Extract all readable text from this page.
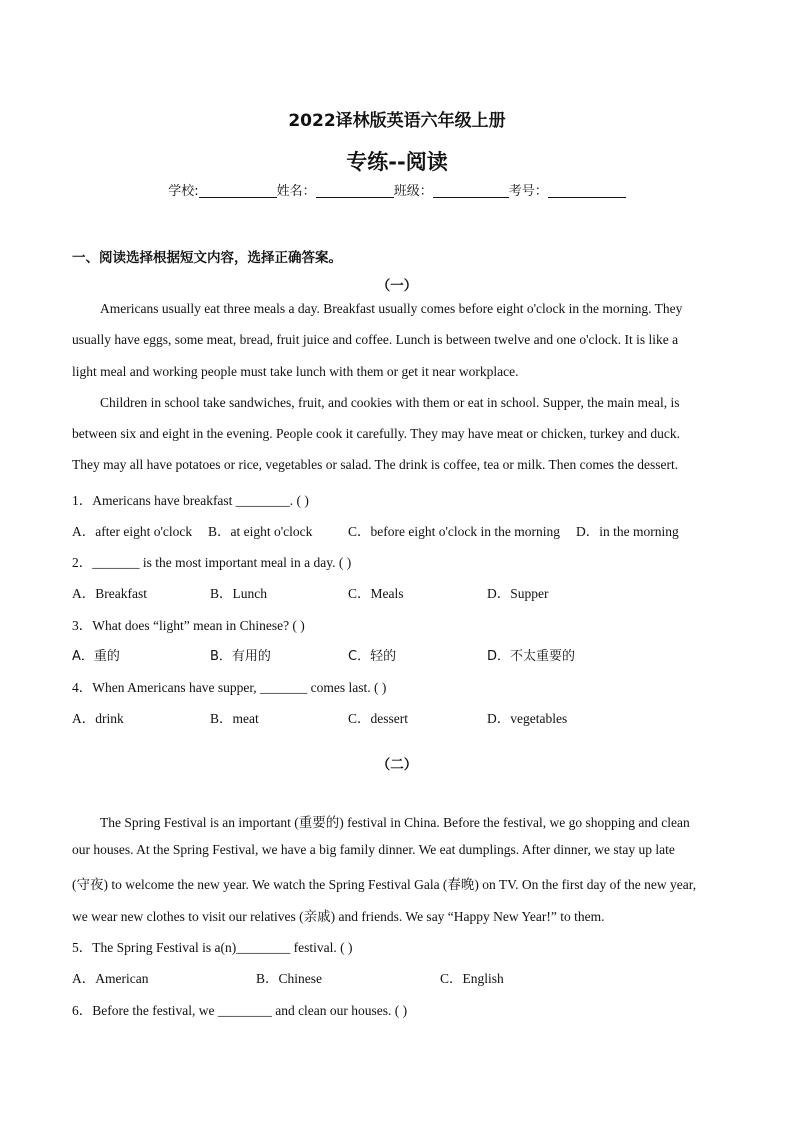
2022译林版英语六年级上册
专练--阅读
学校:	姓名：	班级：	考号：
一、阅读选择根据短文内容，选择正确答案。
（一）
Americans usually eat three meals a day. Breakfast usually comes before eight o'clock in the morning. They
usually have eggs, some meat, bread, fruit juice and coffee. Lunch is between twelve and one o'clock. It is like a
light meal and working people must take lunch with them or get it near workplace.
Children in school take sandwiches, fruit, and cookies with them or eat in school. Supper, the main meal, is
between six and eight in the evening. People cook it carefully. They may have meat or chicken, turkey and duck.
They may all have potatoes or rice, vegetables or salad. The drink is coffee, tea or milk. Then comes the dessert.
1．Americans have breakfast ________. ( )
A．after eight o'clock B．at eight o'clock	C．before eight o'clock in the morning D．in the morning
2．_______ is the most important meal in a day. ( )
A．Breakfast	B．Lunch	C．Meals	D．Supper
3．What does “light” mean in Chinese? ( )
A．重的	B．有用的	C．轻的	D．不太重要的
4．When Americans have supper, _______ comes last. ( )
A．drink	B．meat	C．dessert	D．vegetables
（二）
The Spring Festival is an important (重要的) festival in China. Before the festival, we go shopping and clean
our houses. At the Spring Festival, we have a big family dinner. We eat dumplings. After dinner, we stay up late
(守夜) to welcome the new year. We watch the Spring Festival Gala (春晚) on TV. On the first day of the new year,
we wear new clothes to visit our relatives (亲戚) and friends. We say “Happy New Year!” to them.
5．The Spring Festival is a(n)________ festival. ( )
A．American	B．Chinese	C．English
6．Before the festival, we ________ and clean our houses. ( )
